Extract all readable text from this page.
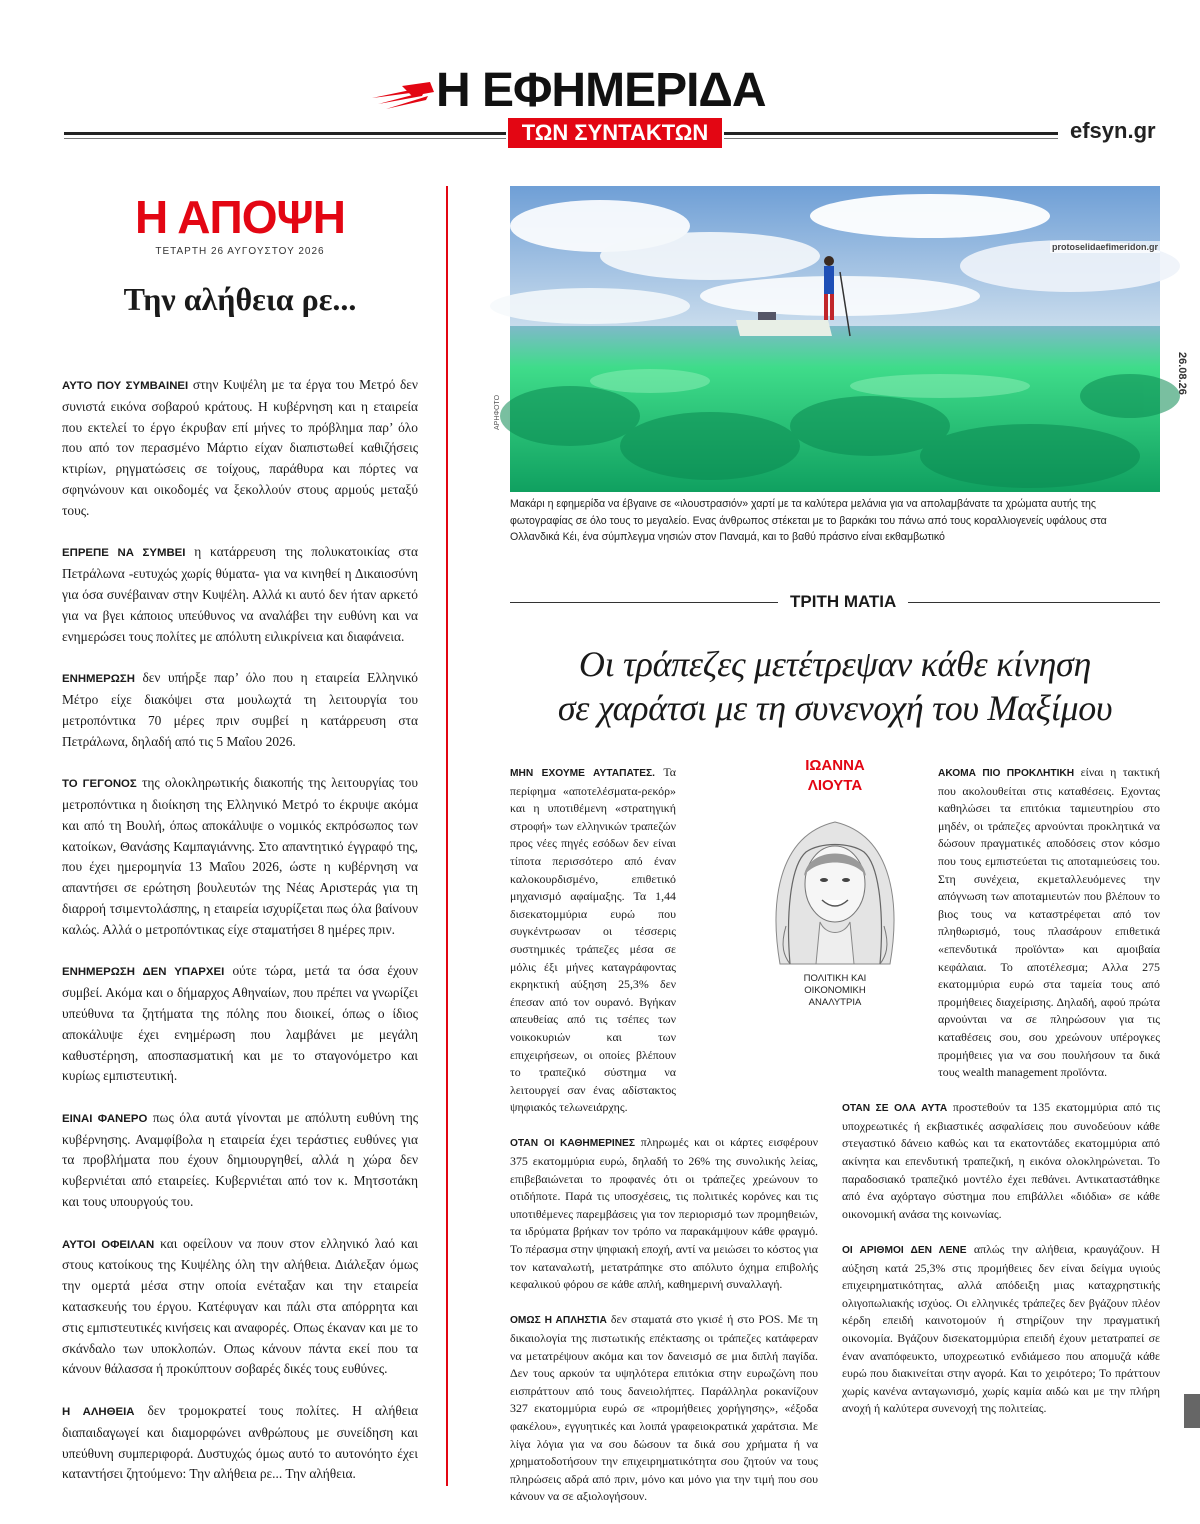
Η ΕΦΗΜΕΡΙΔΑ
ΤΩΝ ΣΥΝΤΑΚΤΩΝ	efsyn.gr
Η ΑΠΟΨΗ
ΤΕΤΑΡΤΗ 26 ΑΥΓΟΥΣΤΟΥ 2026
Την αλήθεια ρε...

ΑΥΤΟ ΠΟΥ ΣΥΜΒΑΙΝΕΙ στην Κυψέλη με τα έργα του Μετρό δεν συνιστά εικόνα σοβαρού κράτους. Η κυβέρνηση και η εταιρεία που εκτελεί το έργο έκρυβαν επί μήνες το πρόβλημα παρ’ όλο που από τον περασμένο Μάρτιο είχαν διαπιστωθεί καθιζήσεις κτιρίων, ρηγματώσεις σε τοίχους, παράθυρα και πόρτες να σφηνώνουν και οικοδομές να ξεκολλούν στους αρμούς μεταξύ τους.

ΕΠΡΕΠΕ ΝΑ ΣΥΜΒΕΙ η κατάρρευση της πολυκατοικίας στα Πετράλωνα -ευτυχώς χωρίς θύματα- για να κινηθεί η Δικαιοσύνη για όσα συνέβαιναν στην Κυψέλη. Αλλά κι αυτό δεν ήταν αρκετό για να βγει κάποιος υπεύθυνος να αναλάβει την ευθύνη και να ενημερώσει τους πολίτες με απόλυτη ειλικρίνεια και διαφάνεια.

ΕΝΗΜΕΡΩΣΗ δεν υπήρξε παρ’ όλο που η εταιρεία Ελληνικό Μέτρο είχε διακόψει στα μουλωχτά τη λειτουργία του μετροπόντικα 70 μέρες πριν συμβεί η κατάρρευση στα Πετράλωνα, δηλαδή από τις 5 Μαΐου 2026.

ΤΟ ΓΕΓΟΝΟΣ της ολοκληρωτικής διακοπής της λειτουργίας του μετροπόντικα η διοίκηση της Ελληνικό Μετρό το έκρυψε ακόμα και από τη Βουλή, όπως αποκάλυψε ο νομικός εκπρόσωπος των κατοίκων, Θανάσης Καμπαγιάννης. Στο απαντητικό έγγραφό της, που έχει ημερομηνία 13 Μαΐου 2026, ώστε η κυβέρνηση να απαντήσει σε ερώτηση βουλευτών της Νέας Αριστεράς για τη διαρροή τσιμεντολάσπης, η εταιρεία ισχυρίζεται πως όλα βαίνουν καλώς. Αλλά ο μετροπόντικας είχε σταματήσει 8 ημέρες πριν.

ΕΝΗΜΕΡΩΣΗ ΔΕΝ ΥΠΑΡΧΕΙ ούτε τώρα, μετά τα όσα έχουν συμβεί. Ακόμα και ο δήμαρχος Αθηναίων, που πρέπει να γνωρίζει υπεύθυνα τα ζητήματα της πόλης που διοικεί, όπως ο ίδιος αποκάλυψε έχει ενημέρωση που λαμβάνει με μεγάλη καθυστέρηση, αποσπασματική και με το σταγονόμετρο και κυρίως εμπιστευτική.

ΕΙΝΑΙ ΦΑΝΕΡΟ πως όλα αυτά γίνονται με απόλυτη ευθύνη της κυβέρνησης. Αναμφίβολα η εταιρεία έχει τεράστιες ευθύνες για τα προβλήματα που έχουν δημιουργηθεί, αλλά η χώρα δεν κυβερνιέται από εταιρείες. Κυβερνιέται από τον κ. Μητσοτάκη και τους υπουργούς του.

ΑΥΤΟΙ ΟΦΕΙΛΑΝ και οφείλουν να πουν στον ελληνικό λαό και στους κατοίκους της Κυψέλης όλη την αλήθεια. Διάλεξαν όμως την ομερτά μέσα στην οποία ενέταξαν και την εταιρεία κατασκευής του έργου. Κατέφυγαν και πάλι στα απόρρητα και στις εμπιστευτικές κινήσεις και αναφορές. Οπως έκαναν και με το σκάνδαλο των υποκλοπών. Οπως κάνουν πάντα εκεί που τα κάνουν θάλασσα ή προκύπτουν σοβαρές δικές τους ευθύνες.

Η ΑΛΗΘΕΙΑ δεν τρομοκρατεί τους πολίτες. Η αλήθεια διαπαιδαγωγεί και διαμορφώνει ανθρώπους με συνείδηση και υπεύθυνη συμπεριφορά. Δυστυχώς όμως αυτό το αυτονόητο έχει καταντήσει ζητούμενο: Την αλήθεια ρε... Την αλήθεια.

protoselidaefimeridon.gr
ΑΡΗΦΟΤΟ
Μακάρι η εφημερίδα να έβγαινε σε «ιλουστρασιόν» χαρτί με τα καλύτερα μελάνια για να απολαμβάνατε τα χρώματα αυτής της φωτογραφίας σε όλο τους το μεγαλείο. Ενας άνθρωπος στέκεται με το βαρκάκι του πάνω από τους κοραλλιογενείς υφάλους στα Ολλανδικά Κέι, ένα σύμπλεγμα νησιών στον Παναμά, και το βαθύ πράσινο είναι εκθαμβωτικό
ΤΡΙΤΗ ΜΑΤΙΑ
Οι τράπεζες μετέτρεψαν κάθε κίνηση
σε χαράτσι με τη συνενοχή του Μαξίμου

ΜΗΝ ΕΧΟΥΜΕ ΑΥΤΑΠΑΤΕΣ. Τα περίφημα «αποτελέσματα-ρεκόρ» και η υποτιθέμενη «στρατηγική στροφή» των ελληνικών τραπεζών προς νέες πηγές εσόδων δεν είναι τίποτα περισσότερο από έναν καλοκουρδισμένο, επιθετικό μηχανισμό αφαίμαξης. Τα 1,44 δισεκατομμύρια ευρώ που συγκέντρωσαν οι τέσσερις συστημικές τράπεζες μέσα σε μόλις έξι μήνες καταγράφοντας εκρηκτική αύξηση 25,3% δεν έπεσαν από τον ουρανό. Βγήκαν απευθείας από τις τσέπες των νοικοκυριών και των επιχειρήσεων, οι οποίες βλέπουν το τραπεζικό σύστημα να λειτουργεί σαν ένας αδίστακτος ψηφιακός τελωνειάρχης.

ΟΤΑΝ ΟΙ ΚΑΘΗΜΕΡΙΝΕΣ πληρωμές και οι κάρτες εισφέρουν 375 εκατομμύρια ευρώ, δηλαδή το 26% της συνολικής λείας, επιβεβαιώνεται το προφανές ότι οι τράπεζες χρεώνουν το οτιδήποτε. Παρά τις υποσχέσεις, τις πολιτικές κορόνες και τις υποτιθέμενες παρεμβάσεις για τον περιορισμό των προμηθειών, τα ιδρύματα βρήκαν τον τρόπο να παρακάμψουν κάθε φραγμό. Το πέρασμα στην ψηφιακή εποχή, αντί να μειώσει το κόστος για τον καταναλωτή, μετατράπηκε στο απόλυτο όχημα επιβολής κεφαλικού φόρου σε κάθε απλή, καθημερινή συναλλαγή.

ΟΜΩΣ Η ΑΠΛΗΣΤΙΑ δεν σταματά στο γκισέ ή στο POS. Με τη δικαιολογία της πιστωτικής επέκτασης οι τράπεζες κατάφεραν να μετατρέψουν ακόμα και τον δανεισμό σε μια διπλή παγίδα. Δεν τους αρκούν τα υψηλότερα επιτόκια στην ευρωζώνη που εισπράττουν από τους δανειολήπτες. Παράλληλα ροκανίζουν 327 εκατομμύρια ευρώ σε «προμήθειες χορήγησης», «έξοδα φακέλου», εγγυητικές και λοιπά γραφειοκρατικά χαράτσια. Με λίγα λόγια για να σου δώσουν τα δικά σου χρήματα ή να χρηματοδοτήσουν την επιχειρηματικότητα σου ζητούν να τους πληρώσεις αδρά από πριν, μόνο και μόνο για την τιμή που σου κάνουν να σε αξιολογήσουν.

ΑΚΟΜΑ ΠΙΟ ΠΡΟΚΛΗΤΙΚΗ είναι η τακτική που ακολουθείται στις καταθέσεις. Εχοντας καθηλώσει τα επιτόκια ταμιευτηρίου στο μηδέν, οι τράπεζες αρνούνται προκλητικά να δώσουν πραγματικές αποδόσεις στον κόσμο που τους εμπιστεύεται τις αποταμιεύσεις του. Στη συνέχεια, εκμεταλλευόμενες την απόγνωση των αποταμιευτών που βλέπουν το βιος τους να καταστρέφεται από τον πληθωρισμό, τους πλασάρουν επιθετικά «επενδυτικά προϊόντα» και αμοιβαία κεφάλαια. Το αποτέλεσμα; Αλλα 275 εκατομμύρια ευρώ στα ταμεία τους από προμήθειες διαχείρισης. Δηλαδή, αφού πρώτα αρνούνται να σε πληρώσουν για τις καταθέσεις σου, σου χρεώνουν υπέρογκες προμήθειες για να σου πουλήσουν τα δικά τους wealth management προϊόντα.

ΟΤΑΝ ΣΕ ΟΛΑ ΑΥΤΑ προστεθούν τα 135 εκατομμύρια από τις υποχρεωτικές ή εκβιαστικές ασφαλίσεις που συνοδεύουν κάθε στεγαστικό δάνειο καθώς και τα εκατοντάδες εκατομμύρια από ακίνητα και επενδυτική τραπεζική, η εικόνα ολοκληρώνεται. Το παραδοσιακό τραπεζικό μοντέλο έχει πεθάνει. Αντικαταστάθηκε από ένα αχόρταγο σύστημα που επιβάλλει «διόδια» σε κάθε οικονομική ανάσα της κοινωνίας.

ΟΙ ΑΡΙΘΜΟΙ ΔΕΝ ΛΕΝΕ απλώς την αλήθεια, κραυγάζουν. Η αύξηση κατά 25,3% στις προμήθειες δεν είναι δείγμα υγιούς επιχειρηματικότητας, αλλά απόδειξη μιας καταχρηστικής ολιγοπωλιακής ισχύος. Οι ελληνικές τράπεζες δεν βγάζουν πλέον κέρδη επειδή καινοτομούν ή στηρίζουν την πραγματική οικονομία. Βγάζουν δισεκατομμύρια επειδή έχουν μετατραπεί σε έναν αναπόφευκτο, υποχρεωτικό ενδιάμεσο που απομυζά κάθε ευρώ που διακινείται στην αγορά. Και το χειρότερο; Το πράττουν χωρίς κανένα ανταγωνισμό, χωρίς καμία αιδώ και με την πλήρη ανοχή ή καλύτερα συνενοχή της πολιτείας.

ΙΩΑΝΝΑ
ΛΙΟΥΤΑ
ΠΟΛΙΤΙΚΗ ΚΑΙ
ΟΙΚΟΝΟΜΙΚΗ
ΑΝΑΛΥΤΡΙΑ
26.08.26
